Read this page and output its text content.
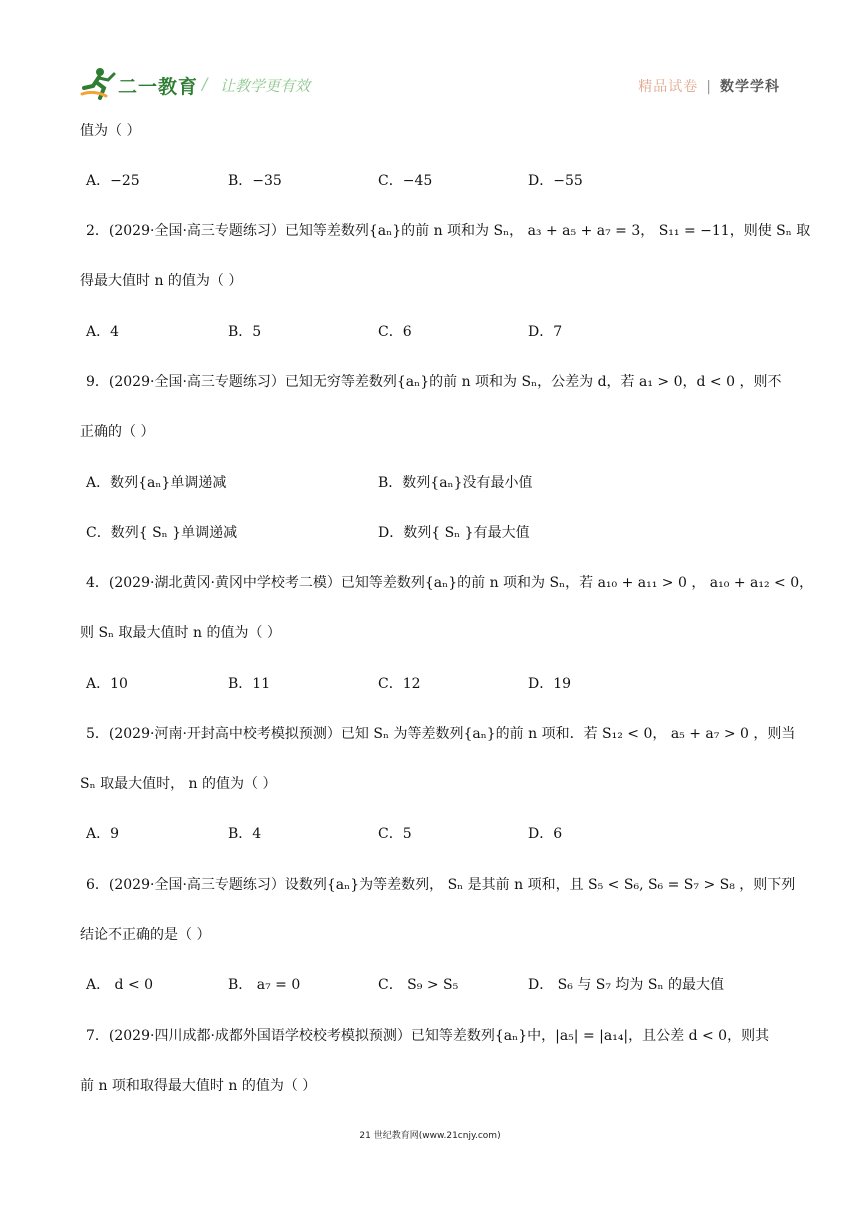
二一教育 / 让教学更有效	精品试卷 | 数学学科
值为（ ）
A．−25	B．−35	C．−45	D．−55
2．(2029·全国·高三专题练习）已知等差数列{aₙ}的前 n 项和为 Sₙ， a₃ + a₅ + a₇ = 3， S₁₁ = −11，则使 Sₙ 取
得最大值时 n 的值为（ ）
A．4	B．5	C．6	D．7
9．(2029·全国·高三专题练习）已知无穷等差数列{aₙ}的前 n 项和为 Sₙ，公差为 d，若 a₁ > 0，d < 0 ，则不
正确的（ ）
A．数列{aₙ}单调递减	B．数列{aₙ}没有最小值
C．数列{ Sₙ }单调递减	D．数列{ Sₙ }有最大值
4．(2029·湖北黄冈·黄冈中学校考二模）已知等差数列{aₙ}的前 n 项和为 Sₙ，若 a₁₀ + a₁₁ > 0 ， a₁₀ + a₁₂ < 0，
则 Sₙ 取最大值时 n 的值为（ ）
A．10	B．11	C．12	D．19
5．(2029·河南·开封高中校考模拟预测）已知 Sₙ 为等差数列{aₙ}的前 n 项和．若 S₁₂ < 0， a₅ + a₇ > 0 ，则当
Sₙ 取最大值时， n 的值为（ ）
A．9	B．4	C．5	D．6
6．(2029·全国·高三专题练习）设数列{aₙ}为等差数列， Sₙ 是其前 n 项和，且 S₅ < S₆, S₆ = S₇ > S₈ ，则下列
结论不正确的是（ ）
A． d < 0	B． a₇ = 0	C． S₉ > S₅	D． S₆ 与 S₇ 均为 Sₙ 的最大值
7．(2029·四川成都·成都外国语学校校考模拟预测）已知等差数列{aₙ}中，|a₅| = |a₁₄|，且公差 d < 0，则其
前 n 项和取得最大值时 n 的值为（ ）
21 世纪教育网(www.21cnjy.com)
